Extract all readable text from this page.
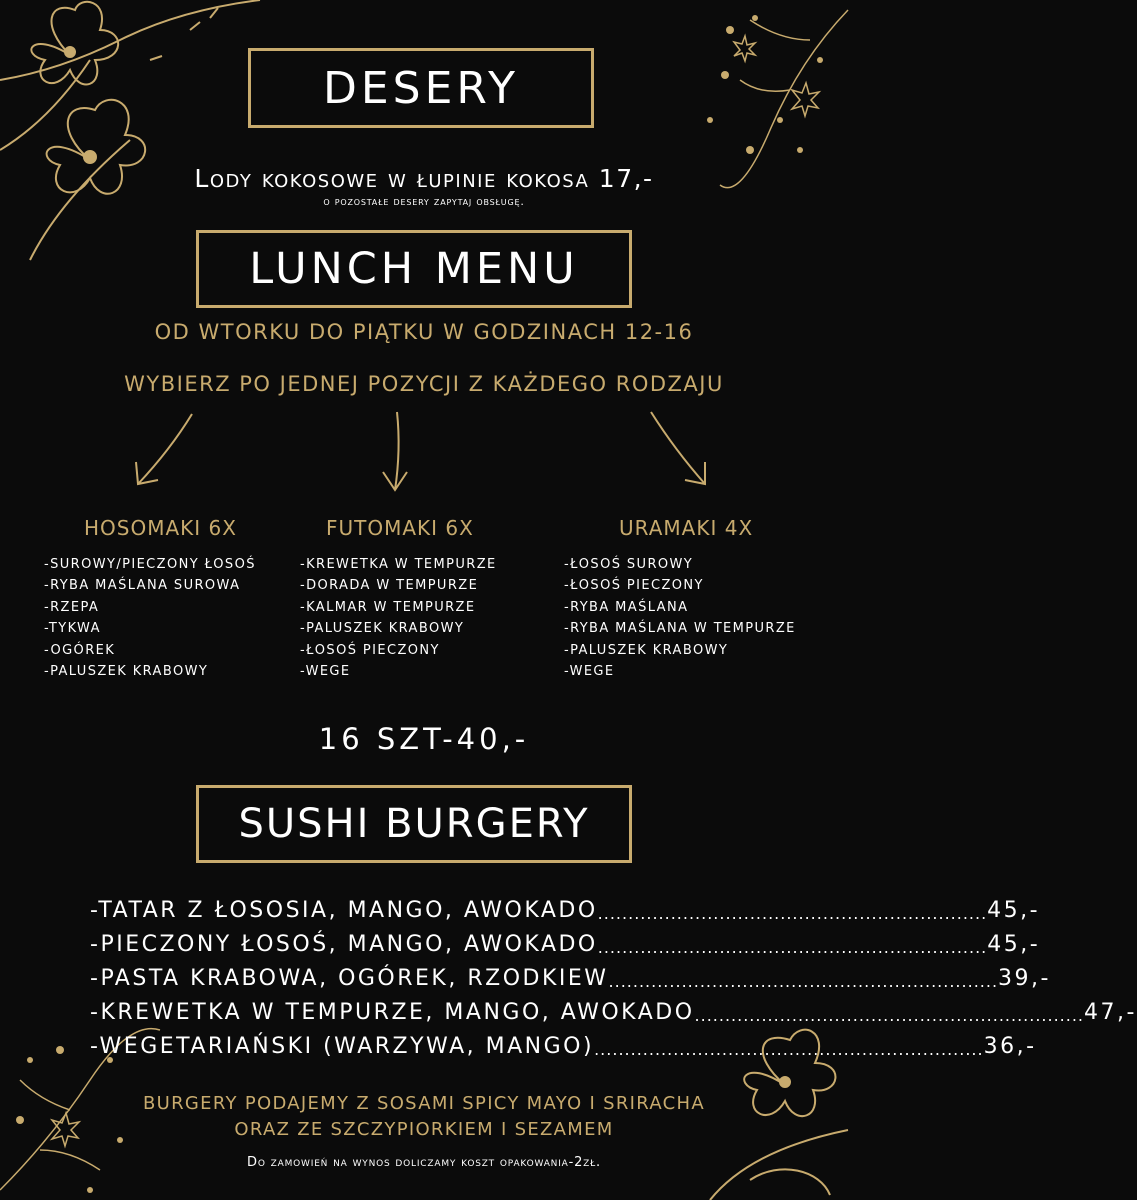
DESERY
Lody kokosowe w łupinie kokosa 17,-
o pozostałe desery zapytaj obsługę.
LUNCH MENU
OD WTORKU DO PIĄTKU W GODZINACH 12-16
WYBIERZ PO JEDNEJ POZYCJI Z KAŻDEGO RODZAJU
HOSOMAKI 6X
-SUROWY/PIECZONY ŁOSOŚ
-RYBA MAŚLANA SUROWA
-RZEPA
-TYKWA
-OGÓREK
-PALUSZEK KRABOWY
FUTOMAKI 6X
-KREWETKA W TEMPURZE
-DORADA W TEMPURZE
-KALMAR W TEMPURZE
-PALUSZEK KRABOWY
-ŁOSOŚ PIECZONY
-WEGE
URAMAKI 4X
-ŁOSOŚ SUROWY
-ŁOSOŚ PIECZONY
-RYBA MAŚLANA
-RYBA MAŚLANA W TEMPURZE
-PALUSZEK KRABOWY
-WEGE
16 SZT-40,-
SUSHI BURGERY
-TATAR Z ŁOSOSIA, MANGO, AWOKADO ................................................................ 45,-
-PIECZONY ŁOSOŚ, MANGO, AWOKADO ................................................................ 45,-
-PASTA KRABOWA, OGÓREK, RZODKIEW ................................................................ 39,-
-KREWETKA W TEMPURZE, MANGO, AWOKADO ................................................................ 47,-
-WEGETARIAŃSKI (WARZYWA, MANGO) ................................................................ 36,-
BURGERY PODAJEMY Z SOSAMI SPICY MAYO I SRIRACHA
ORAZ ZE SZCZYPIORKIEM I SEZAMEM
Do zamowień na wynos doliczamy koszt opakowania-2zł.
